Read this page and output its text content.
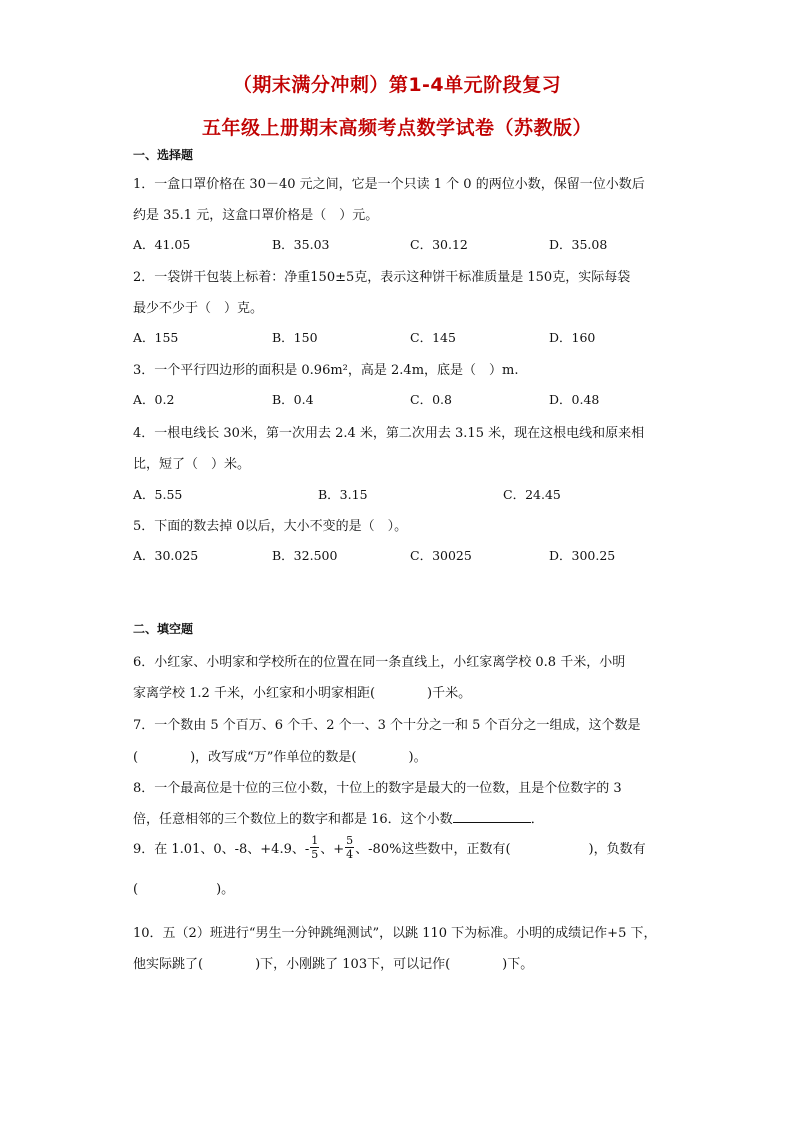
（期末满分冲刺）第1-4单元阶段复习
五年级上册期末高频考点数学试卷（苏教版）
一、选择题
1．一盒口罩价格在 30－40 元之间，它是一个只读 1 个 0 的两位小数，保留一位小数后
约是 35.1 元，这盒口罩价格是（　）元。
A．41.05	B．35.03	C．30.12	D．35.08
2．一袋饼干包装上标着：净重150±5克，表示这种饼干标准质量是 150克，实际每袋
最少不少于（　）克。
A．155	B．150	C．145	D．160
3．一个平行四边形的面积是 0.96m²，高是 2.4m，底是（　）m.
A．0.2	B．0.4	C．0.8	D．0.48
4．一根电线长 30米，第一次用去 2.4 米，第二次用去 3.15 米，现在这根电线和原来相
比，短了（　）米。
A．5.55	B．3.15	C．24.45
5．下面的数去掉 0以后，大小不变的是（　）。
A．30.025	B．32.500	C．30025	D．300.25
二、填空题
6．小红家、小明家和学校所在的位置在同一条直线上，小红家离学校 0.8 千米，小明
家离学校 1.2 千米，小红家和小明家相距(　　　　)千米。
7．一个数由 5 个百万、6 个千、2 个一、3 个十分之一和 5 个百分之一组成，这个数是
(　　　　)，改写成“万”作单位的数是(　　　　)。
8．一个最高位是十位的三位小数，十位上的数字是最大的一位数，且是个位数字的 3
倍，任意相邻的三个数位上的数字和都是 16．这个小数	．
9．在 1.01、0、-8、+4.9、- $\frac{1}{5}$ 、+ $\frac{5}{4}$ 、-80%这些数中，正数有(　　　　　　)，负数有
(　　　　　　)。
10．五（2）班进行“男生一分钟跳绳测试”，以跳 110 下为标准。小明的成绩记作+5 下，
他实际跳了(　　　　)下，小刚跳了 103下，可以记作(　　　　)下。
